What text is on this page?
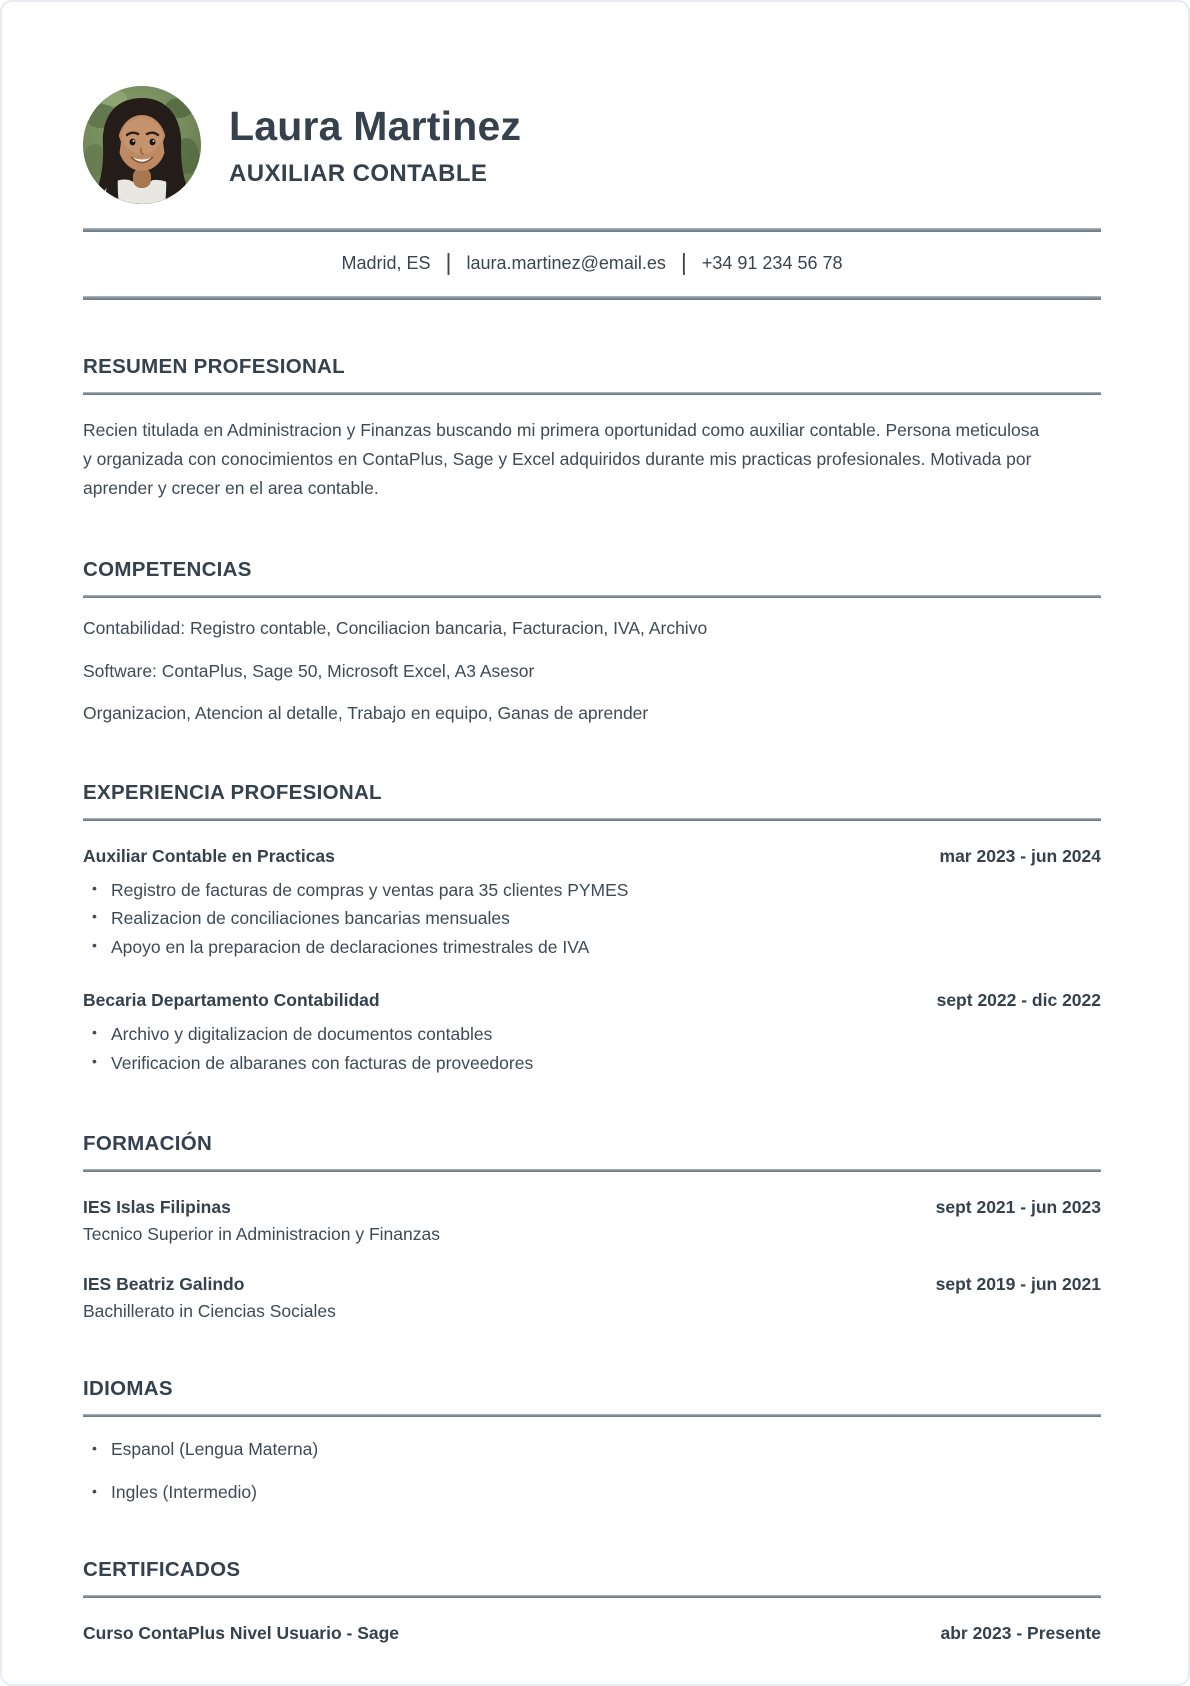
Laura Martinez
AUXILIAR CONTABLE
Madrid, ES | laura.martinez@email.es | +34 91 234 56 78
RESUMEN PROFESIONAL

Recien titulada en Administracion y Finanzas buscando mi primera oportunidad como auxiliar contable. Persona meticulosa y organizada con conocimientos en ContaPlus, Sage y Excel adquiridos durante mis practicas profesionales. Motivada por aprender y crecer en el area contable.

COMPETENCIAS

Contabilidad: Registro contable, Conciliacion bancaria, Facturacion, IVA, Archivo

Software: ContaPlus, Sage 50, Microsoft Excel, A3 Asesor

Organizacion, Atencion al detalle, Trabajo en equipo, Ganas de aprender

EXPERIENCIA PROFESIONAL
Auxiliar Contable en Practicas	mar 2023 - jun 2024
• Registro de facturas de compras y ventas para 35 clientes PYMES
• Realizacion de conciliaciones bancarias mensuales
• Apoyo en la preparacion de declaraciones trimestrales de IVA
Becaria Departamento Contabilidad	sept 2022 - dic 2022
• Archivo y digitalizacion de documentos contables
• Verificacion de albaranes con facturas de proveedores
FORMACIÓN
IES Islas Filipinas	sept 2021 - jun 2023
Tecnico Superior in Administracion y Finanzas
IES Beatriz Galindo	sept 2019 - jun 2021
Bachillerato in Ciencias Sociales
IDIOMAS
• Espanol (Lengua Materna)
• Ingles (Intermedio)
CERTIFICADOS
Curso ContaPlus Nivel Usuario - Sage	abr 2023 - Presente
